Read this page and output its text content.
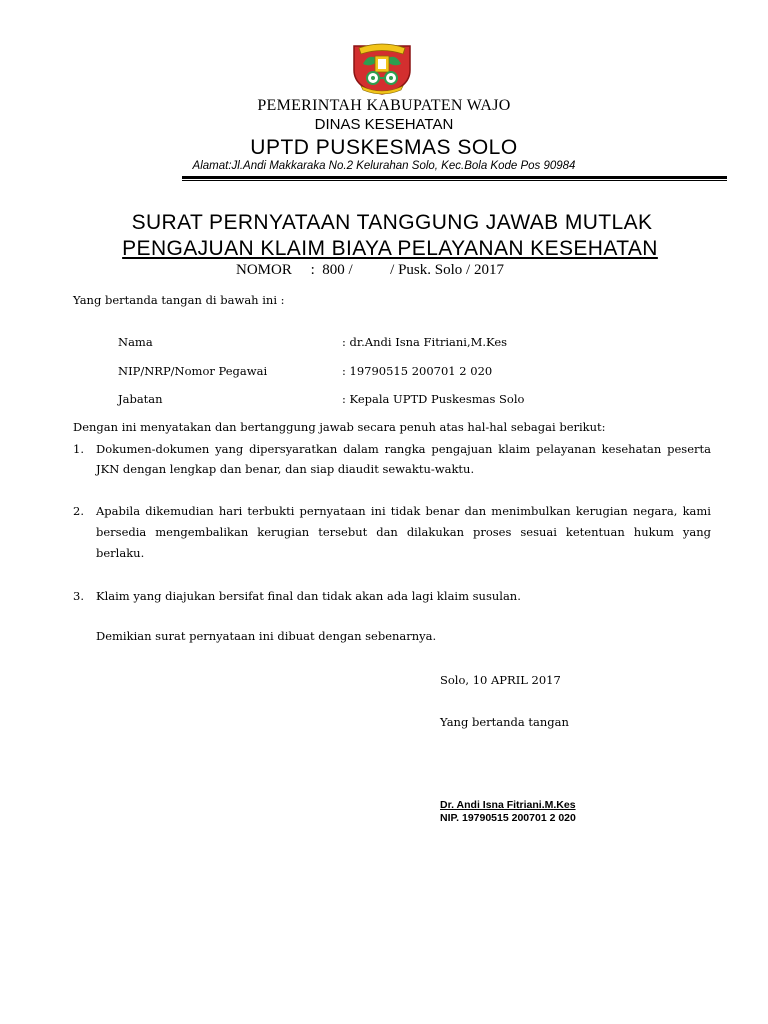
PEMERINTAH KABUPATEN WAJO
DINAS KESEHATAN
UPTD PUSKESMAS SOLO
Alamat:Jl.Andi Makkaraka No.2 Kelurahan Solo, Kec.Bola Kode Pos 90984
SURAT PERNYATAAN TANGGUNG JAWAB MUTLAK
PENGAJUAN KLAIM BIAYA PELAYANAN KESEHATAN
NOMOR     :  800 /          / Pusk. Solo / 2017
Yang bertanda tangan di bawah ini :
Nama	: dr.Andi Isna Fitriani,M.Kes
NIP/NRP/Nomor Pegawai	: 19790515 200701 2 020
Jabatan	: Kepala UPTD Puskesmas Solo
Dengan ini menyatakan dan bertanggung jawab secara penuh atas hal-hal sebagai berikut:
1. Dokumen-dokumen yang dipersyaratkan dalam rangka pengajuan klaim pelayanan kesehatan peserta
JKN dengan lengkap dan benar, dan siap diaudit sewaktu-waktu.
2. Apabila dikemudian hari terbukti pernyataan ini tidak benar dan menimbulkan kerugian negara, kami
bersedia mengembalikan kerugian tersebut dan dilakukan proses sesuai ketentuan hukum yang
berlaku.
3. Klaim yang diajukan bersifat final dan tidak akan ada lagi klaim susulan.
Demikian surat pernyataan ini dibuat dengan sebenarnya.
Solo, 10 APRIL 2017
Yang bertanda tangan
Dr. Andi Isna Fitriani.M.Kes
NIP. 19790515 200701 2 020
